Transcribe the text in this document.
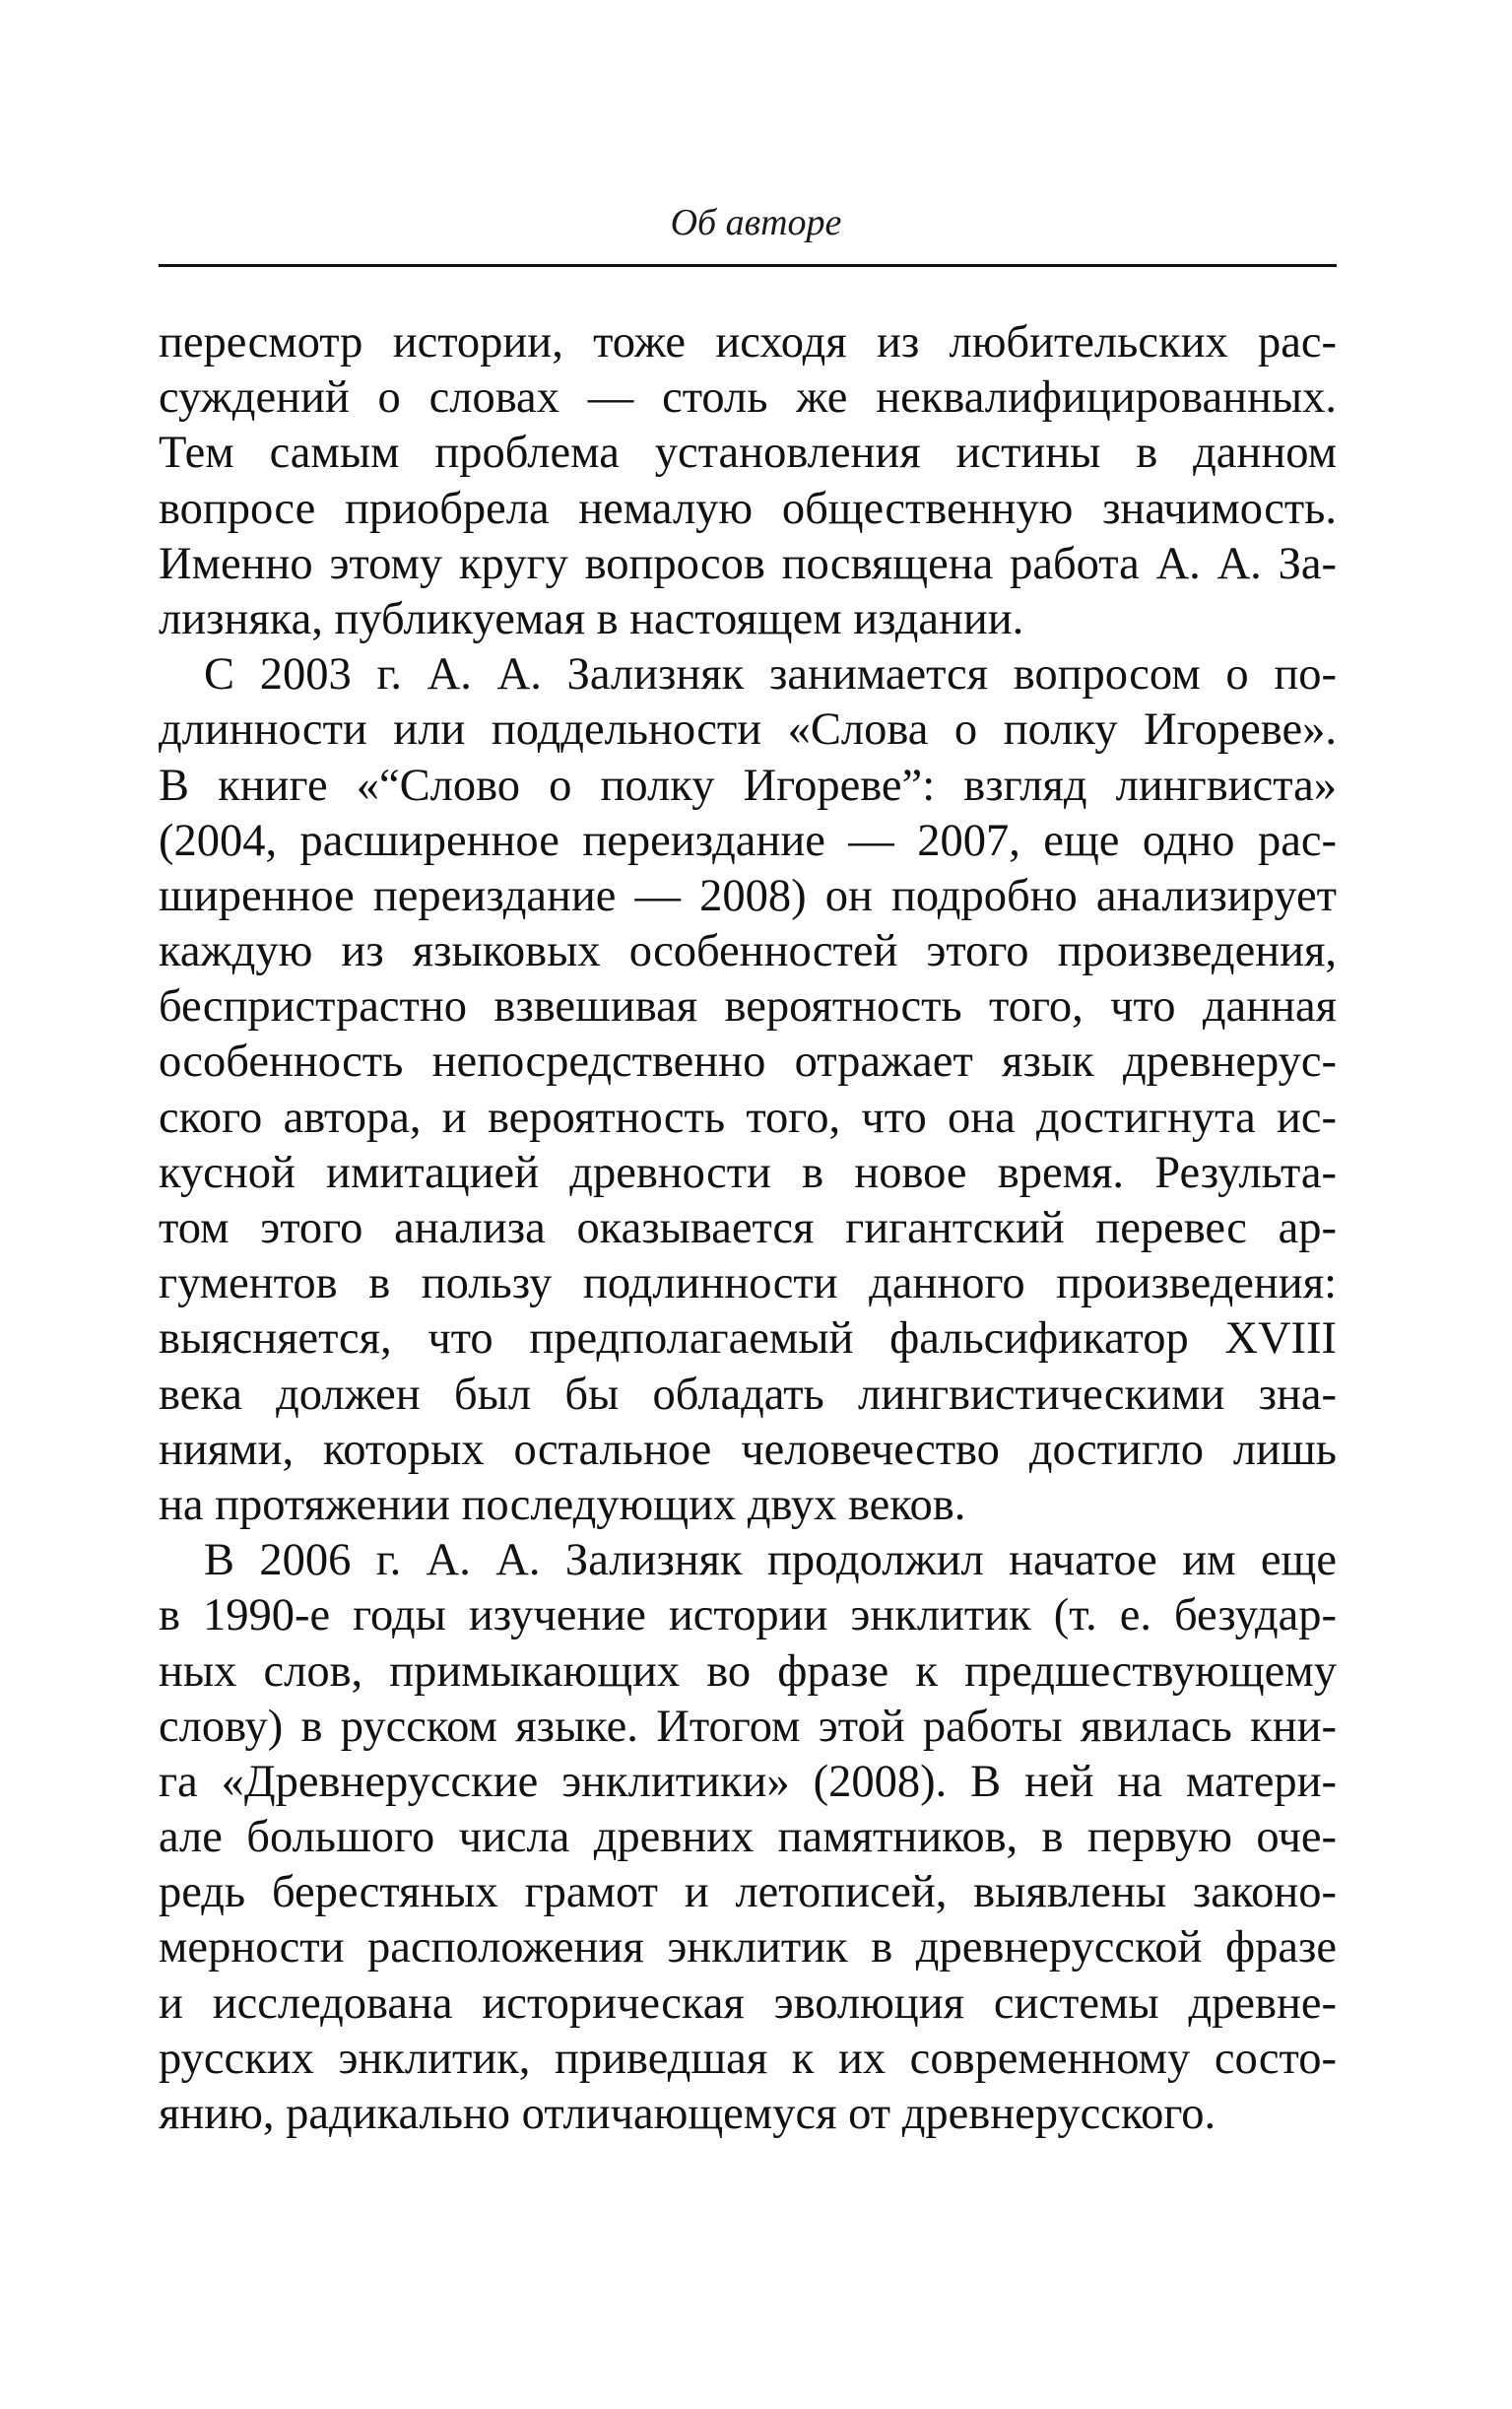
Об авторе
пересмотр истории, тоже исходя из любительских рас-
суждений о словах — столь же неквалифицированных.
Тем самым проблема установления истины в данном
вопросе приобрела немалую общественную значимость.
Именно этому кругу вопросов посвящена работа А. А. За-
лизняка, публикуемая в настоящем издании.
С 2003 г. А. А. Зализняк занимается вопросом о по-
длинности или поддельности «Слова о полку Игореве».
В книге «“Слово о полку Игореве”: взгляд лингвиста»
(2004, расширенное переиздание — 2007, еще одно рас-
ширенное переиздание — 2008) он подробно анализирует
каждую из языковых особенностей этого произведения,
беспристрастно взвешивая вероятность того, что данная
особенность непосредственно отражает язык древнерус-
ского автора, и вероятность того, что она достигнута ис-
кусной имитацией древности в новое время. Результа-
том этого анализа оказывается гигантский перевес ар-
гументов в пользу подлинности данного произведения:
выясняется, что предполагаемый фальсификатор XVIII
века должен был бы обладать лингвистическими зна-
ниями, которых остальное человечество достигло лишь
на протяжении последующих двух веков.
В 2006 г. А. А. Зализняк продолжил начатое им еще
в 1990-е годы изучение истории энклитик (т. е. безудар-
ных слов, примыкающих во фразе к предшествующему
слову) в русском языке. Итогом этой работы явилась кни-
га «Древнерусские энклитики» (2008). В ней на матери-
але большого числа древних памятников, в первую оче-
редь берестяных грамот и летописей, выявлены законо-
мерности расположения энклитик в древнерусской фразе
и исследована историческая эволюция системы древне-
русских энклитик, приведшая к их современному состо-
янию, радикально отличающемуся от древнерусского.
